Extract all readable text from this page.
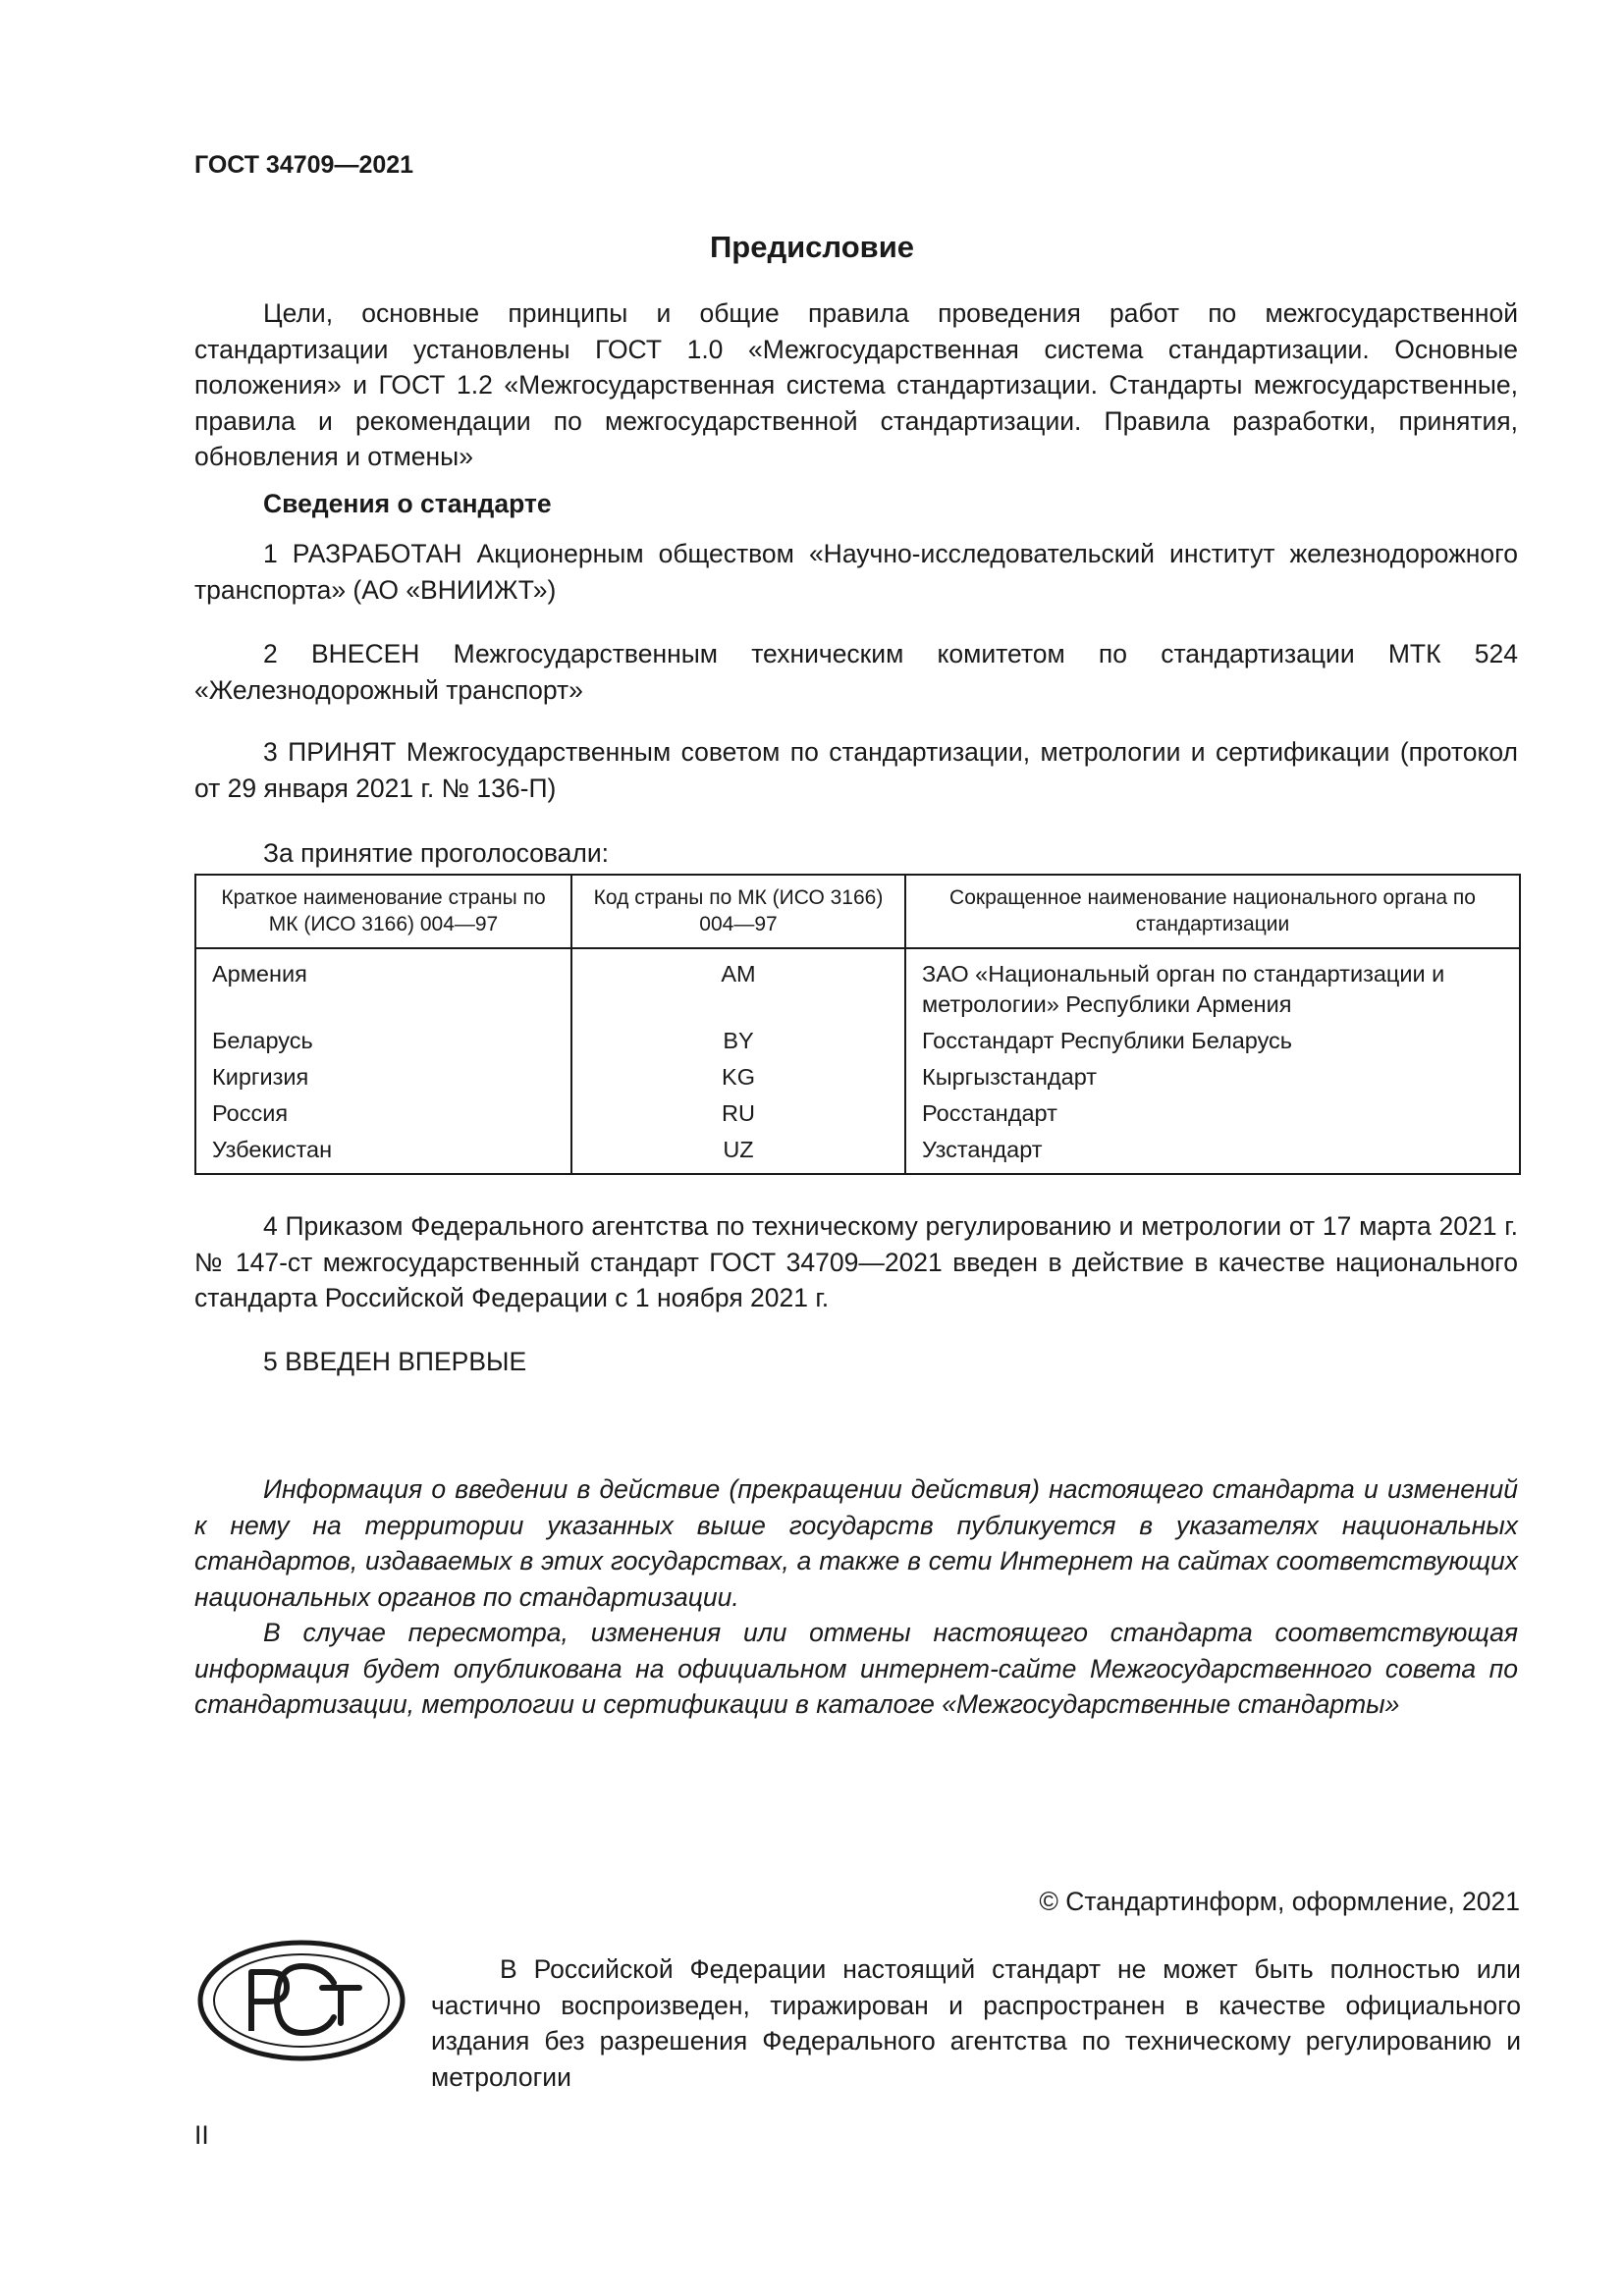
ГОСТ 34709—2021
Предисловие

Цели, основные принципы и общие правила проведения работ по межгосударственной стандартизации установлены ГОСТ 1.0 «Межгосударственная система стандартизации. Основные положения» и ГОСТ 1.2 «Межгосударственная система стандартизации. Стандарты межгосударственные, правила и рекомендации по межгосударственной стандартизации. Правила разработки, принятия, обновления и отмены»

Сведения о стандарте

1 РАЗРАБОТАН Акционерным обществом «Научно-исследовательский институт железнодорожного транспорта» (АО «ВНИИЖТ»)

2 ВНЕСЕН Межгосударственным техническим комитетом по стандартизации МТК 524 «Железнодорожный транспорт»

3 ПРИНЯТ Межгосударственным советом по стандартизации, метрологии и сертификации (протокол от 29 января 2021 г. № 136-П)

За принятие проголосовали:

Краткое наименование страны по МК (ИСО 3166) 004—97	Код страны по МК (ИСО 3166) 004—97	Сокращенное наименование национального органа по стандартизации
Армения	AM	ЗАО «Национальный орган по стандартизации и метрологии» Республики Армения
Беларусь	BY	Госстандарт Республики Беларусь
Киргизия	KG	Кыргызстандарт
Россия	RU	Росстандарт
Узбекистан	UZ	Узстандарт

4 Приказом Федерального агентства по техническому регулированию и метрологии от 17 марта 2021 г. № 147-ст межгосударственный стандарт ГОСТ 34709—2021 введен в действие в качестве национального стандарта Российской Федерации с 1 ноября 2021 г.

5 ВВЕДЕН ВПЕРВЫЕ

Информация о введении в действие (прекращении действия) настоящего стандарта и изменений к нему на территории указанных выше государств публикуется в указателях национальных стандартов, издаваемых в этих государствах, а также в сети Интернет на сайтах соответствующих национальных органов по стандартизации.

В случае пересмотра, изменения или отмены настоящего стандарта соответствующая информация будет опубликована на официальном интернет-сайте Межгосударственного совета по стандартизации, метрологии и сертификации в каталоге «Межгосударственные стандарты»

© Стандартинформ, оформление, 2021

В Российской Федерации настоящий стандарт не может быть полностью или частично воспроизведен, тиражирован и распространен в качестве официального издания без разрешения Федерального агентства по техническому регулированию и метрологии

II
